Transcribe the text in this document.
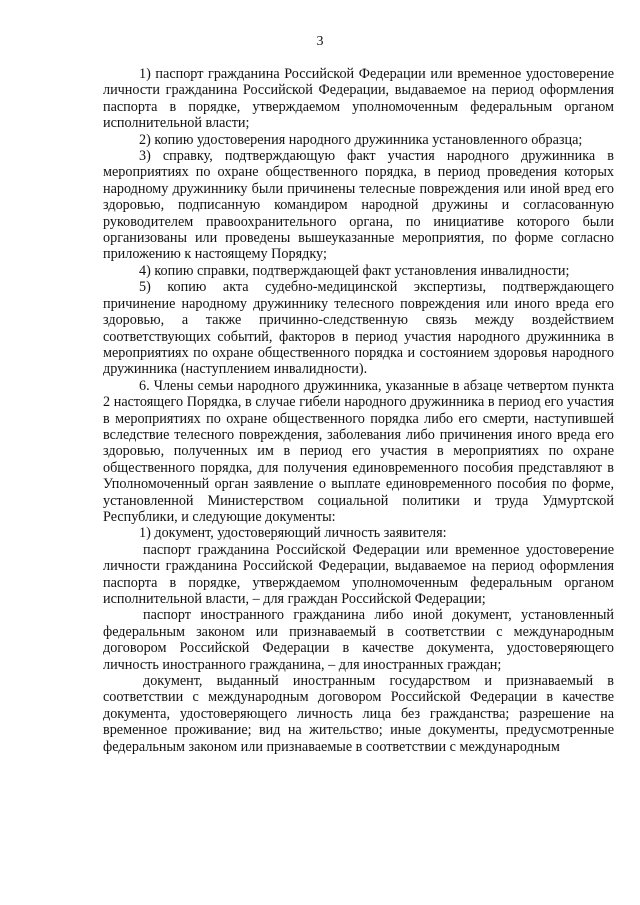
3

1) паспорт гражданина Российской Федерации или временное удостоверение личности гражданина Российской Федерации, выдаваемое на период оформления паспорта в порядке, утверждаемом уполномоченным федеральным органом исполнительной власти;

2) копию удостоверения народного дружинника установленного образца;

3) справку, подтверждающую факт участия народного дружинника в мероприятиях по охране общественного порядка, в период проведения которых народному дружиннику были причинены телесные повреждения или иной вред его здоровью, подписанную командиром народной дружины и согласованную руководителем правоохранительного органа, по инициативе которого были организованы или проведены вышеуказанные мероприятия, по форме согласно приложению к настоящему Порядку;

4) копию справки, подтверждающей факт установления инвалидности;

5) копию акта судебно-медицинской экспертизы, подтверждающего причинение народному дружиннику телесного повреждения или иного вреда его здоровью, а также причинно-следственную связь между воздействием соответствующих событий, факторов в период участия народного дружинника в мероприятиях по охране общественного порядка и состоянием здоровья народного дружинника (наступлением инвалидности).

6. Члены семьи народного дружинника, указанные в абзаце четвертом пункта 2 настоящего Порядка, в случае гибели народного дружинника в период его участия в мероприятиях по охране общественного порядка либо его смерти, наступившей вследствие телесного повреждения, заболевания либо причинения иного вреда его здоровью, полученных им в период его участия в мероприятиях по охране общественного порядка, для получения единовременного пособия представляют в Уполномоченный орган заявление о выплате единовременного пособия по форме, установленной Министерством социальной политики и труда Удмуртской Республики, и следующие документы:

1) документ, удостоверяющий личность заявителя:

паспорт гражданина Российской Федерации или временное удостоверение личности гражданина Российской Федерации, выдаваемое на период оформления паспорта в порядке, утверждаемом уполномоченным федеральным органом исполнительной власти, – для граждан Российской Федерации;

паспорт иностранного гражданина либо иной документ, установленный федеральным законом или признаваемый в соответствии с международным договором Российской Федерации в качестве документа, удостоверяющего личность иностранного гражданина, – для иностранных граждан;

документ, выданный иностранным государством и признаваемый в соответствии с международным договором Российской Федерации в качестве документа, удостоверяющего личность лица без гражданства; разрешение на временное проживание; вид на жительство; иные документы, предусмотренные федеральным законом или признаваемые в соответствии с международным
